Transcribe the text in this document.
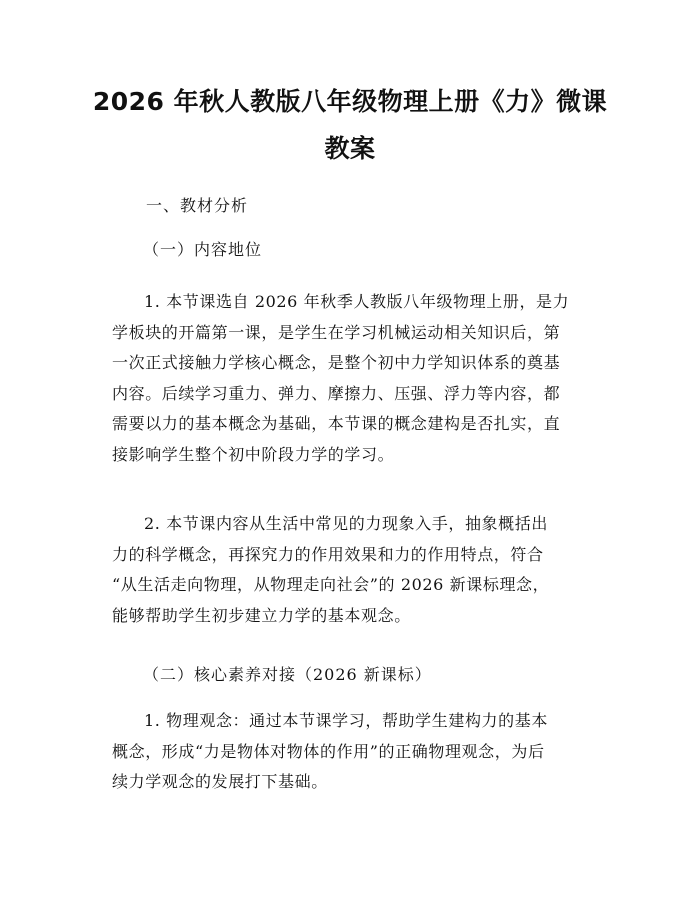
2026 年秋人教版八年级物理上册《力》微课
教案

一、教材分析

（一）内容地位

1. 本节课选自 2026 年秋季人教版八年级物理上册，是力
学板块的开篇第一课，是学生在学习机械运动相关知识后，第
一次正式接触力学核心概念，是整个初中力学知识体系的奠基
内容。后续学习重力、弹力、摩擦力、压强、浮力等内容，都
需要以力的基本概念为基础，本节课的概念建构是否扎实，直
接影响学生整个初中阶段力学的学习。

2. 本节课内容从生活中常见的力现象入手，抽象概括出
力的科学概念，再探究力的作用效果和力的作用特点，符合
“从生活走向物理，从物理走向社会”的 2026 新课标理念，
能够帮助学生初步建立力学的基本观念。

（二）核心素养对接（2026 新课标）

1. 物理观念：通过本节课学习，帮助学生建构力的基本
概念，形成“力是物体对物体的作用”的正确物理观念，为后
续力学观念的发展打下基础。
